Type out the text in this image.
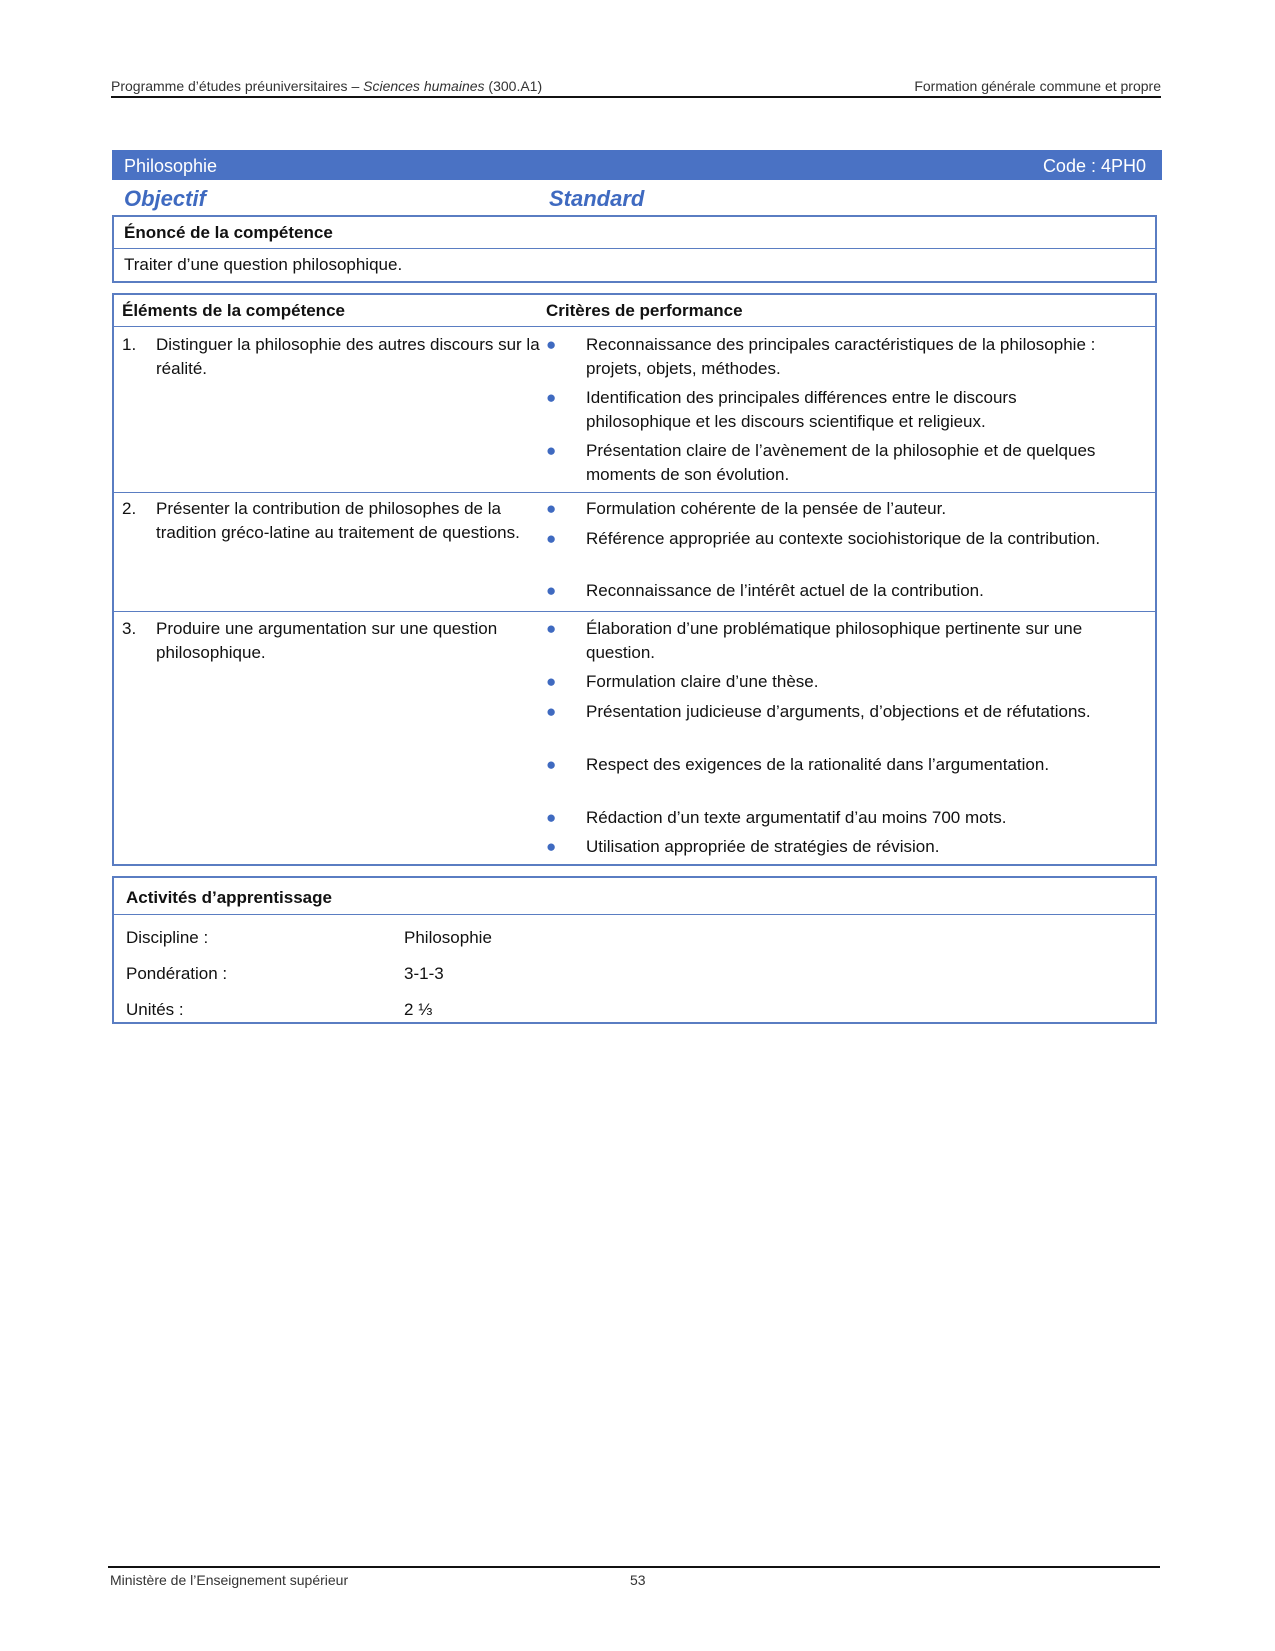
Programme d’études préuniversitaires – Sciences humaines (300.A1)	Formation générale commune et propre
Philosophie	Code : 4PH0
Objectif	Standard
Énoncé de la compétence
Traiter d’une question philosophique.
Éléments de la compétence	Critères de performance
1. Distinguer la philosophie des autres discours sur la réalité.
● Reconnaissance des principales caractéristiques de la philosophie : projets, objets, méthodes.
● Identification des principales différences entre le discours philosophique et les discours scientifique et religieux.
● Présentation claire de l’avènement de la philosophie et de quelques moments de son évolution.
2. Présenter la contribution de philosophes de la tradition gréco-latine au traitement de questions.
● Formulation cohérente de la pensée de l’auteur.
● Référence appropriée au contexte sociohistorique de la contribution.
● Reconnaissance de l’intérêt actuel de la contribution.
3. Produire une argumentation sur une question philosophique.
● Élaboration d’une problématique philosophique pertinente sur une question.
● Formulation claire d’une thèse.
● Présentation judicieuse d’arguments, d’objections et de réfutations.
● Respect des exigences de la rationalité dans l’argumentation.
● Rédaction d’un texte argumentatif d’au moins 700 mots.
● Utilisation appropriée de stratégies de révision.
Activités d’apprentissage
Discipline :	Philosophie
Pondération :	3-1-3
Unités :	2 ⅓
Ministère de l’Enseignement supérieur	53
